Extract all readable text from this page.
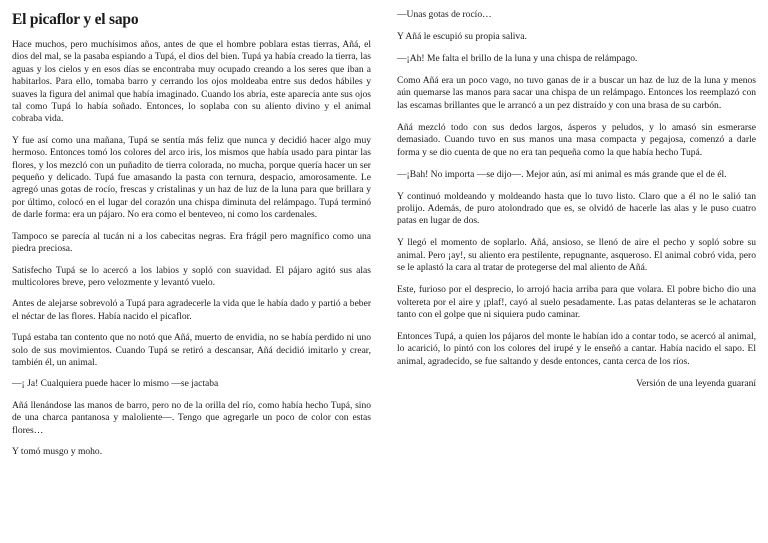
El picaflor y el sapo

Hace muchos, pero muchísimos años, antes de que el hombre poblara estas tierras, Añá, el dios del mal, se la pasaba espiando a Tupá, el dios del bien. Tupá ya había creado la tierra, las aguas y los cielos y en esos días se encontraba muy ocupado creando a los seres que iban a habitarlos. Para ello, tomaba barro y cerrando los ojos moldeaba entre sus dedos hábiles y suaves la figura del animal que había imaginado. Cuando los abría, este aparecía ante sus ojos tal como Tupá lo había soñado. Entonces, lo soplaba con su aliento divino y el animal cobraba vida.

Y fue así como una mañana, Tupá se sentía más feliz que nunca y decidió hacer algo muy hermoso. Entonces tomó los colores del arco iris, los mismos que había usado para pintar las flores, y los mezcló con un puñadito de tierra colorada, no mucha, porque quería hacer un ser pequeño y delicado. Tupá fue amasando la pasta con ternura, despacio, amorosamente. Le agregó unas gotas de rocío, frescas y cristalinas y un haz de luz de la luna para que brillara y por último, colocó en el lugar del corazón una chispa diminuta del relámpago. Tupá terminó de darle forma: era un pájaro. No era como el benteveo, ni como los cardenales.

Tampoco se parecía al tucán ni a los cabecitas negras. Era frágil pero magnífico como una piedra preciosa.

Satisfecho Tupá se lo acercó a los labios y sopló con suavidad. El pájaro agitó sus alas multicolores breve, pero velozmente y levantó vuelo.

Antes de alejarse sobrevoló a Tupá para agradecerle la vida que le había dado y partió a beber el néctar de las flores. Había nacido el picaflor.

Tupá estaba tan contento que no notó que Añá, muerto de envidia, no se había perdido ni uno solo de sus movimientos. Cuando Tupá se retiró a descansar, Añá decidió imitarlo y crear, también él, un animal.

—¡ Ja! Cualquiera puede hacer lo mismo —se jactaba

Añá llenándose las manos de barro, pero no de la orilla del río, como había hecho Tupá, sino de una charca pantanosa y maloliente—. Tengo que agregarle un poco de color con estas flores…

Y tomó musgo y moho.

—Unas gotas de rocío…

Y Añá le escupió su propia saliva.

—¡Ah! Me falta el brillo de la luna y una chispa de relámpago.

Como Añá era un poco vago, no tuvo ganas de ir a buscar un haz de luz de la luna y menos aún quemarse las manos para sacar una chispa de un relámpago. Entonces los reemplazó con las escamas brillantes que le arrancó a un pez distraído y con una brasa de su carbón.

Añá mezcló todo con sus dedos largos, ásperos y peludos, y lo amasó sin esmerarse demasiado. Cuando tuvo en sus manos una masa compacta y pegajosa, comenzó a darle forma y se dio cuenta de que no era tan pequeña como la que había hecho Tupá.

—¡Bah! No importa —se dijo—. Mejor aún, así mi animal es más grande que el de él.

Y continuó moldeando y moldeando hasta que lo tuvo listo. Claro que a él no le salió tan prolijo. Además, de puro atolondrado que es, se olvidó de hacerle las alas y le puso cuatro patas en lugar de dos.

Y llegó el momento de soplarlo. Añá, ansioso, se llenó de aire el pecho y sopló sobre su animal. Pero ¡ay!, su aliento era pestilente, repugnante, asqueroso. El animal cobró vida, pero se le aplastó la cara al tratar de protegerse del mal aliento de Añá.

Este, furioso por el desprecio, lo arrojó hacia arriba para que volara. El pobre bicho dio una voltereta por el aire y ¡plaf!, cayó al suelo pesadamente. Las patas delanteras se le achataron tanto con el golpe que ni siquiera pudo caminar.

Entonces Tupá, a quien los pájaros del monte le habían ido a contar todo, se acercó al animal, lo acarició, lo pintó con los colores del irupé y le enseñó a cantar. Había nacido el sapo. El animal, agradecido, se fue saltando y desde entonces, canta cerca de los ríos.

Versión de una leyenda guaraní
